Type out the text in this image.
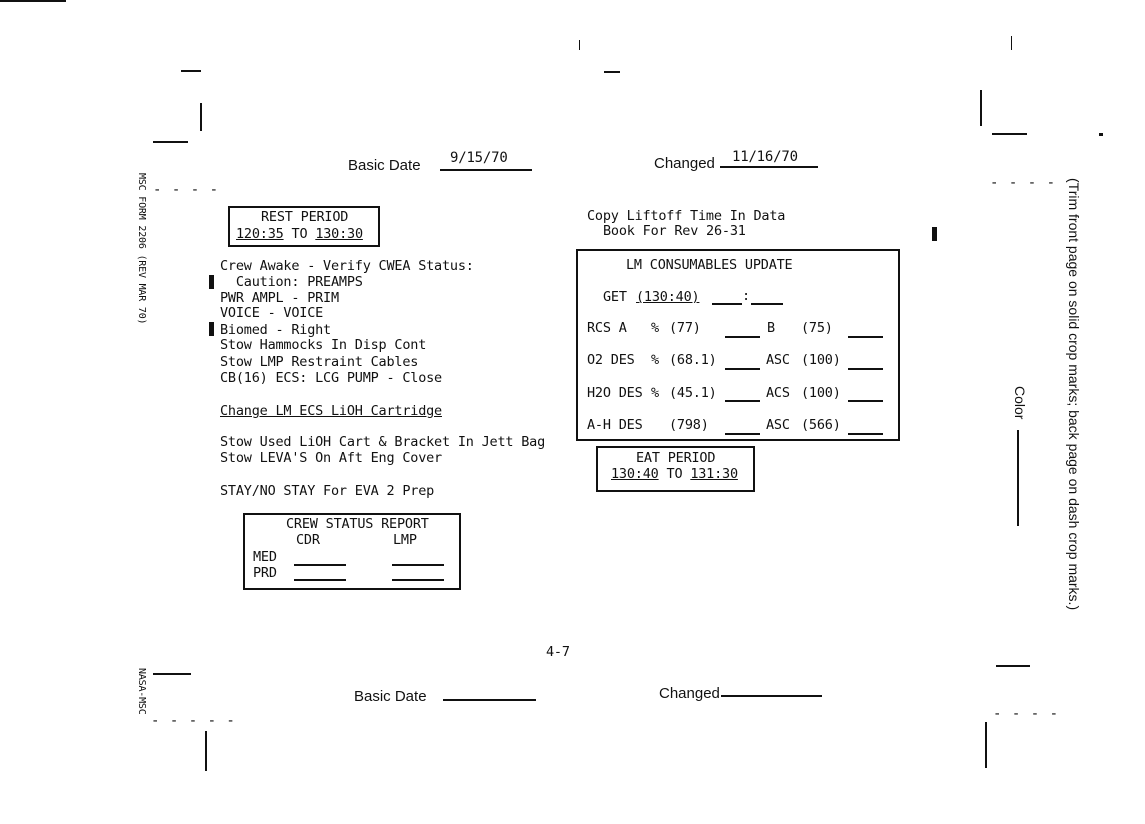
- - - -	- - - -
- - - - -	- - - -
MSC FORM 2206 (REV MAR 70)
NASA-MSC
(Trim front page on solid crop marks; back page on dash crop marks.)
Color
Basic Date 9/15/70	Changed 11/16/70
REST PERIOD
120:35 TO 130:30
Crew Awake - Verify CWEA Status:
Caution: PREAMPS
PWR AMPL - PRIM
VOICE - VOICE
Biomed - Right
Stow Hammocks In Disp Cont
Stow LMP Restraint Cables
CB(16) ECS: LCG PUMP - Close
Change LM ECS LiOH Cartridge
Stow Used LiOH Cart & Bracket In Jett Bag
Stow LEVA'S On Aft Eng Cover
STAY/NO STAY For EVA 2 Prep
CREW STATUS REPORT
CDR	LMP
MED
PRD
Copy Liftoff Time In Data
Book For Rev 26-31
LM CONSUMABLES UPDATE
GET (130:40)	:
RCS A % (77)	B (75)
O2 DES % (68.1)	ASC (100)
H2O DES % (45.1)	ACS (100)
A-H DES (798)	ASC (566)
EAT PERIOD
130:40 TO 131:30
4-7
Basic Date	Changed
